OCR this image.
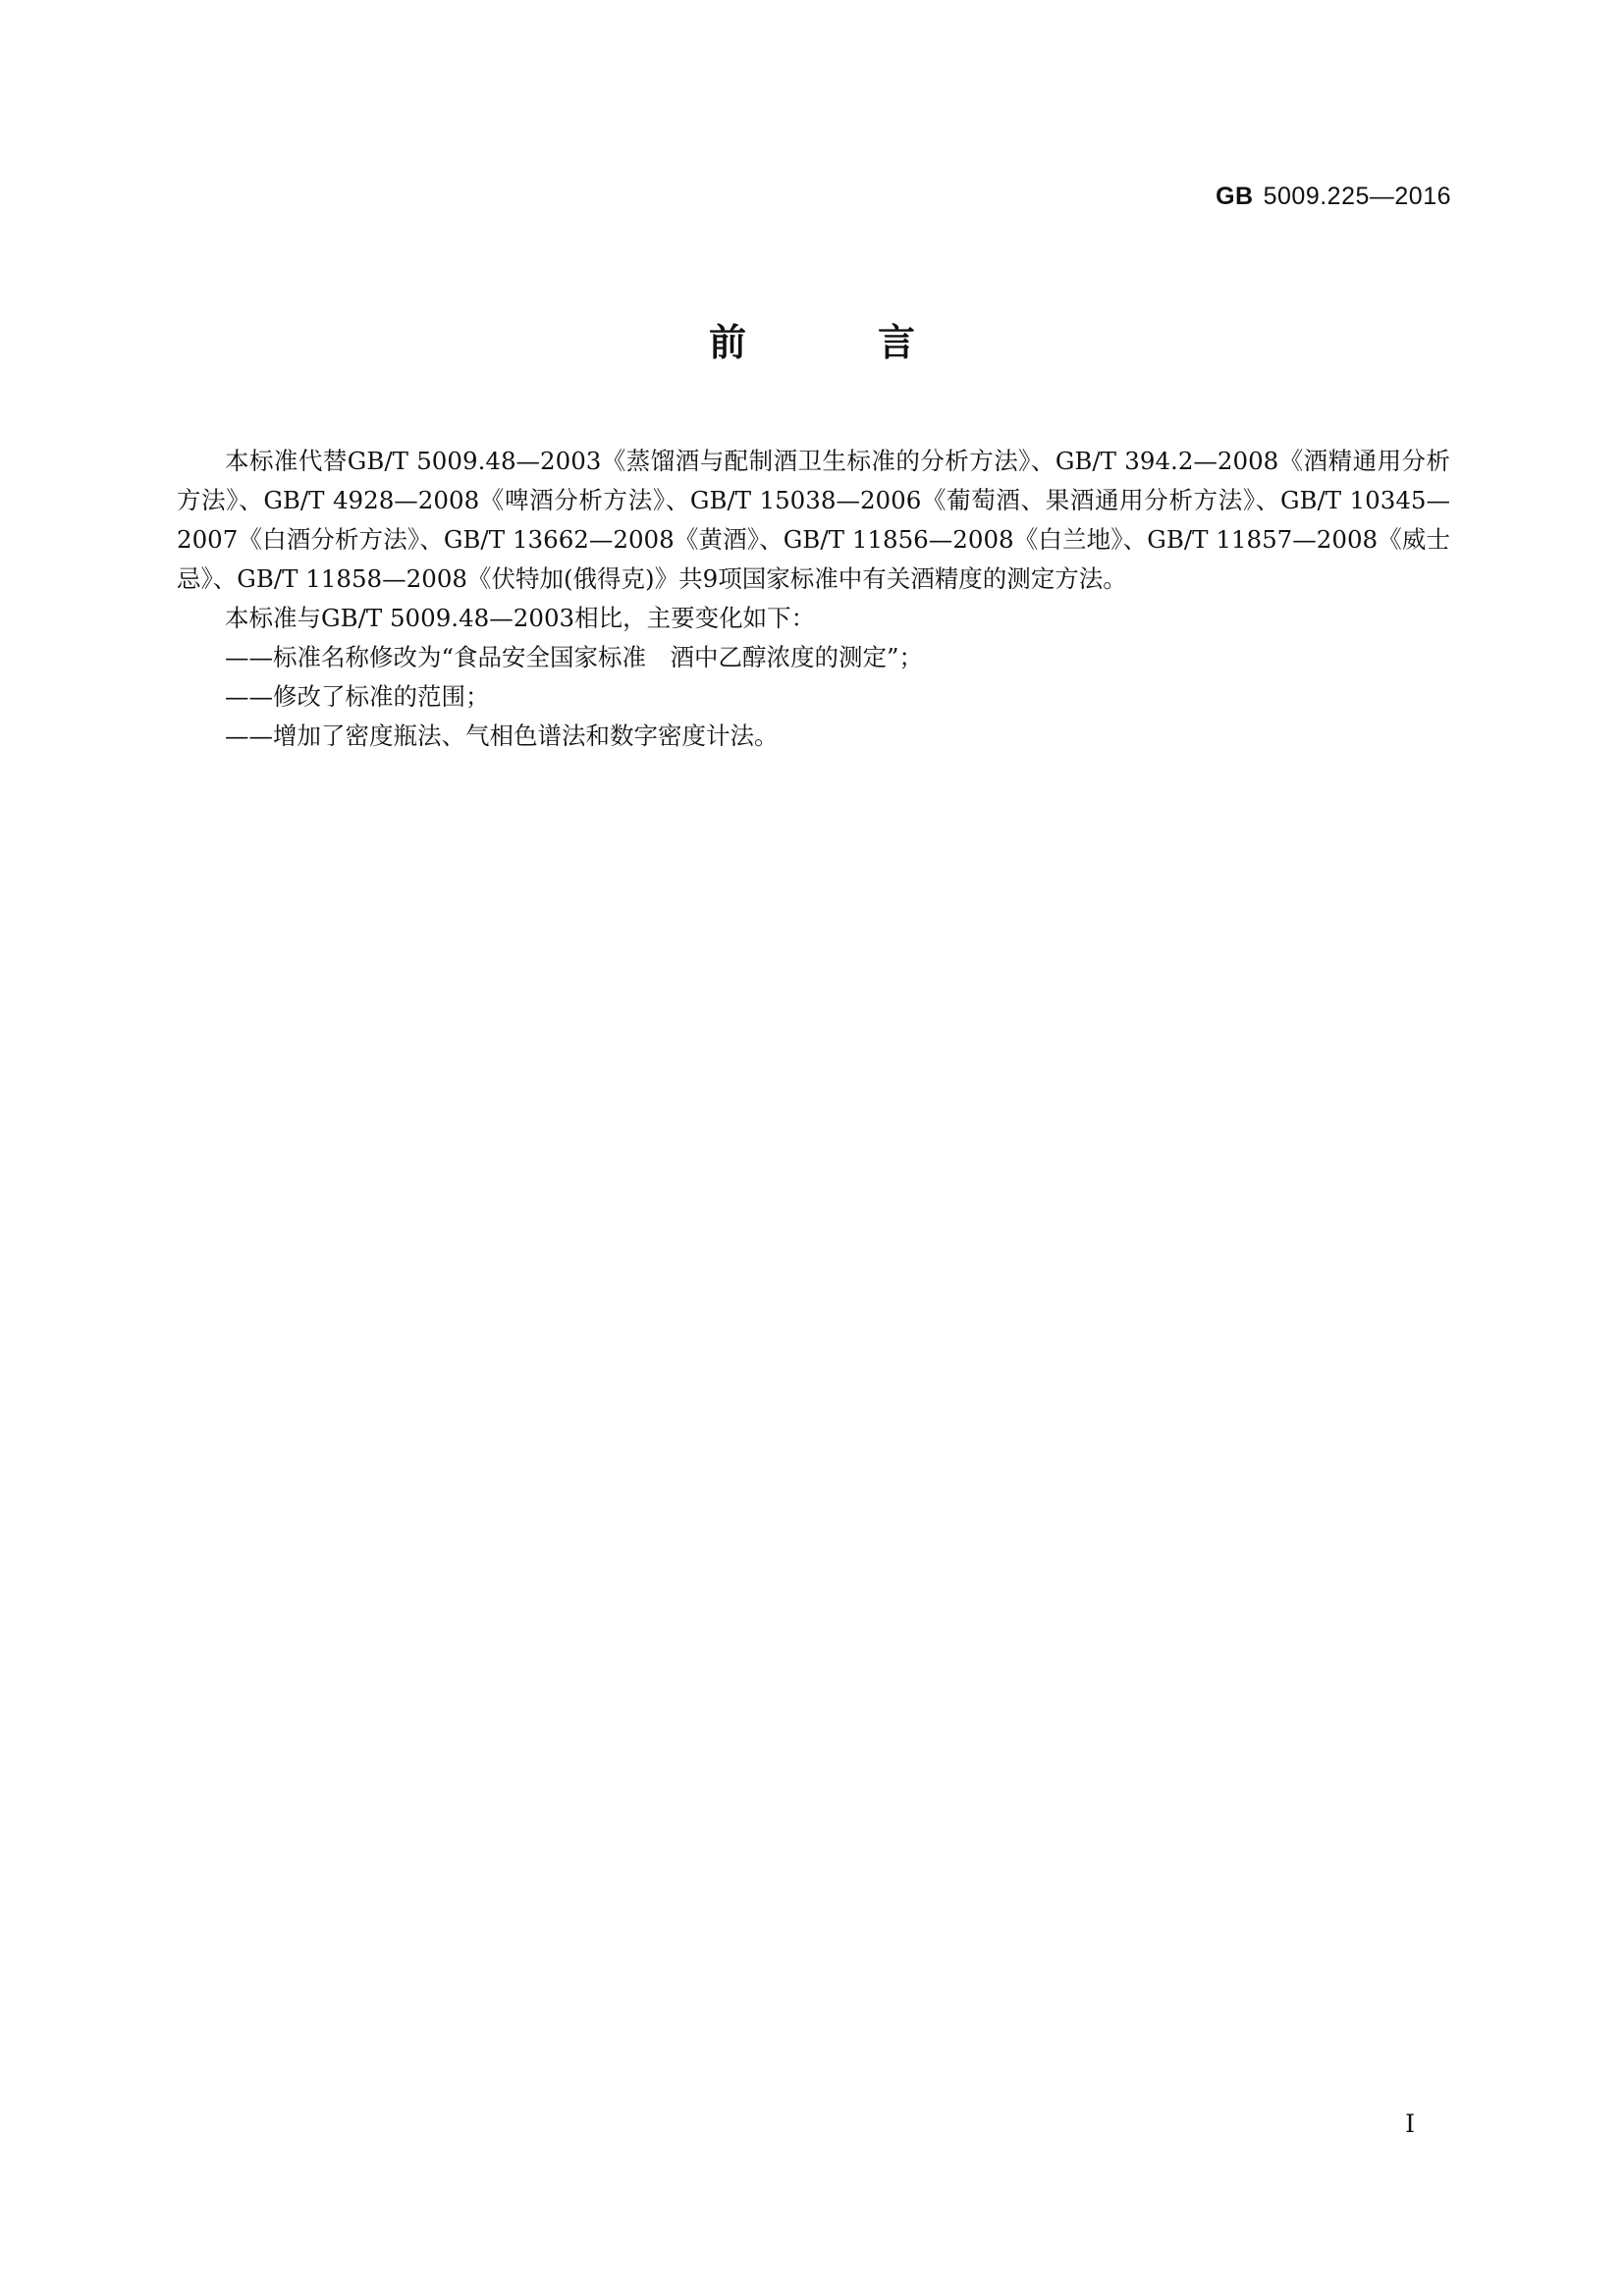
GB 5009.225—2016
前　言

本标准代替GB/T 5009.48—2003《蒸馏酒与配制酒卫生标准的分析方法》、GB/T 394.2—2008《酒精通用分析方法》、GB/T 4928—2008《啤酒分析方法》、GB/T 15038—2006《葡萄酒、果酒通用分析方法》、GB/T 10345—2007《白酒分析方法》、GB/T 13662—2008《黄酒》、GB/T 11856—2008《白兰地》、GB/T 11857—2008《威士忌》、GB/T 11858—2008《伏特加(俄得克)》共9项国家标准中有关酒精度的测定方法。

本标准与GB/T 5009.48—2003相比，主要变化如下：

——标准名称修改为“食品安全国家标准　酒中乙醇浓度的测定”；
——修改了标准的范围；
——增加了密度瓶法、气相色谱法和数字密度计法。
I
